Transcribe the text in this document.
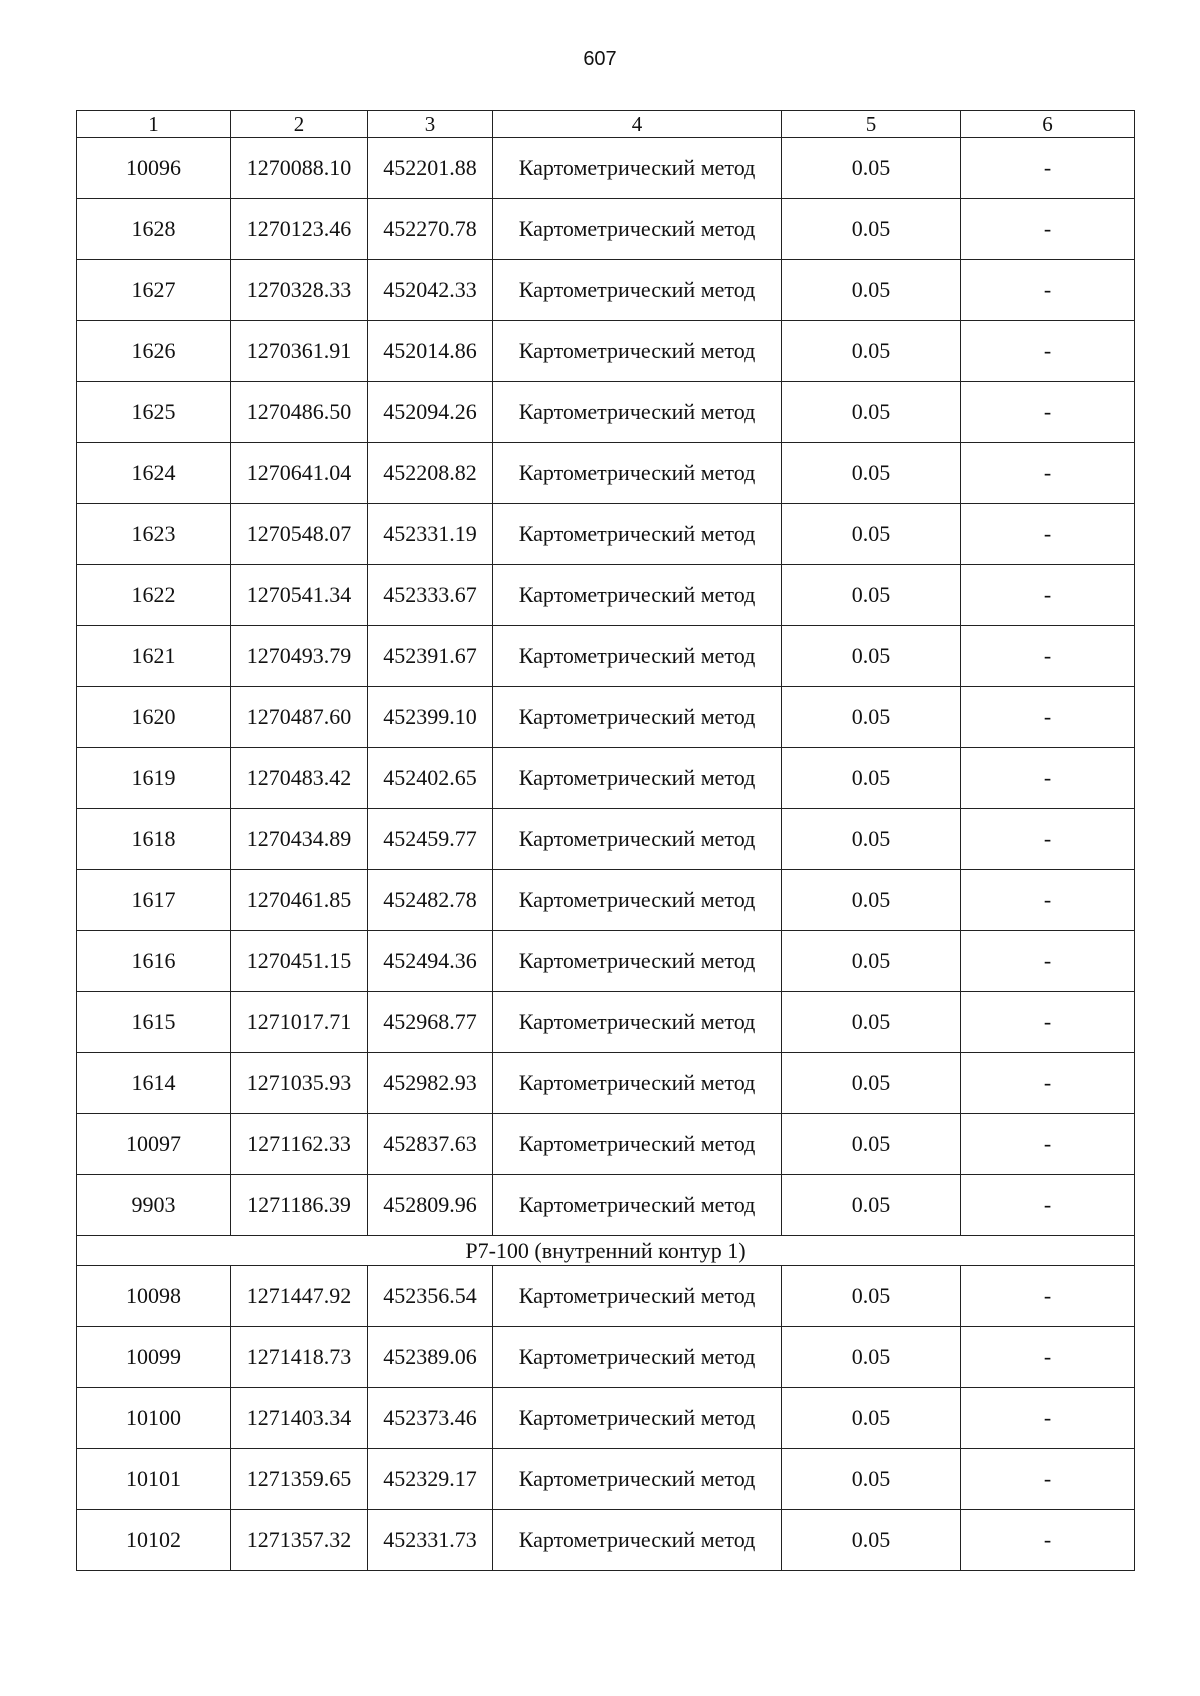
607
1	2	3	4	5	6
10096	1270088.10	452201.88	Картометрический метод	0.05	-
1628	1270123.46	452270.78	Картометрический метод	0.05	-
1627	1270328.33	452042.33	Картометрический метод	0.05	-
1626	1270361.91	452014.86	Картометрический метод	0.05	-
1625	1270486.50	452094.26	Картометрический метод	0.05	-
1624	1270641.04	452208.82	Картометрический метод	0.05	-
1623	1270548.07	452331.19	Картометрический метод	0.05	-
1622	1270541.34	452333.67	Картометрический метод	0.05	-
1621	1270493.79	452391.67	Картометрический метод	0.05	-
1620	1270487.60	452399.10	Картометрический метод	0.05	-
1619	1270483.42	452402.65	Картометрический метод	0.05	-
1618	1270434.89	452459.77	Картометрический метод	0.05	-
1617	1270461.85	452482.78	Картометрический метод	0.05	-
1616	1270451.15	452494.36	Картометрический метод	0.05	-
1615	1271017.71	452968.77	Картометрический метод	0.05	-
1614	1271035.93	452982.93	Картометрический метод	0.05	-
10097	1271162.33	452837.63	Картометрический метод	0.05	-
9903	1271186.39	452809.96	Картометрический метод	0.05	-
Р7-100 (внутренний контур 1)					
10098	1271447.92	452356.54	Картометрический метод	0.05	-
10099	1271418.73	452389.06	Картометрический метод	0.05	-
10100	1271403.34	452373.46	Картометрический метод	0.05	-
10101	1271359.65	452329.17	Картометрический метод	0.05	-
10102	1271357.32	452331.73	Картометрический метод	0.05	-
